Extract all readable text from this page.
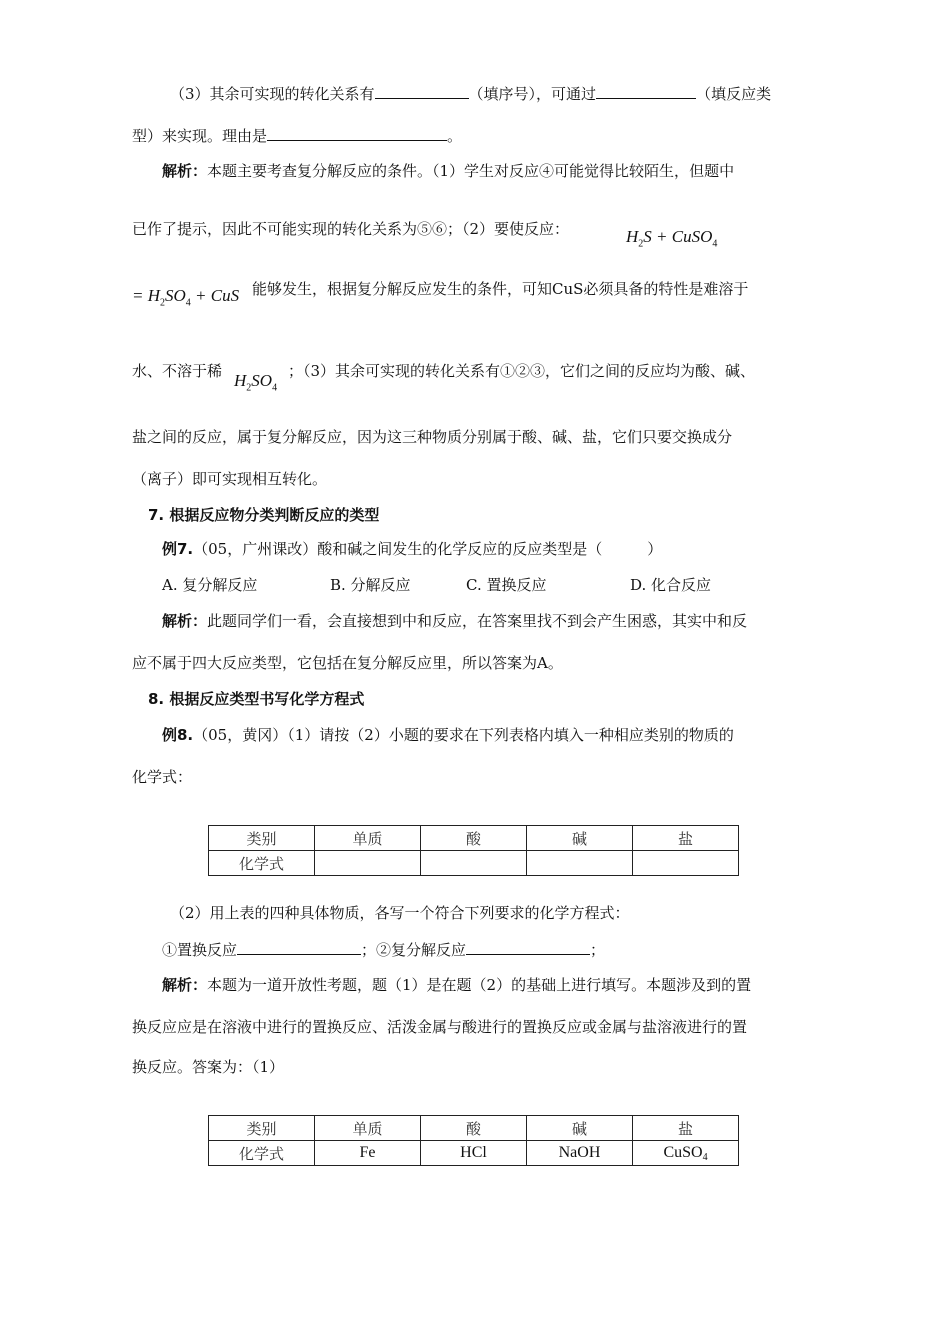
（3）其余可实现的转化关系有	（填序号），可通过	（填反应类
型）来实现。理由是	。
解析：本题主要考查复分解反应的条件。（1）学生对反应④可能觉得比较陌生，但题中
已作了提示，因此不可能实现的转化关系为⑤⑥；（2）要使反应：	$H_2S$ + CuSO$_4$
= $H_2SO_4$ + CuS 能够发生，根据复分解反应发生的条件，可知CuS必须具备的特性是难溶于
水、不溶于稀 $H_2SO_4$
；（3）其余可实现的转化关系有①②③，它们之间的反应均为酸、碱、
盐之间的反应，属于复分解反应，因为这三种物质分别属于酸、碱、盐，它们只要交换成分
（离子）即可实现相互转化。
7. 根据反应物分类判断反应的类型
例7.（05，广州课改）酸和碱之间发生的化学反应的反应类型是（　　　）
A. 复分解反应	B. 分解反应	C. 置换反应	D. 化合反应
解析：此题同学们一看，会直接想到中和反应，在答案里找不到会产生困惑，其实中和反
应不属于四大反应类型，它包括在复分解反应里，所以答案为A。
8. 根据反应类型书写化学方程式
例8.（05，黄冈）（1）请按（2）小题的要求在下列表格内填入一种相应类别的物质的
化学式：
类别	单质	酸	碱	盐
化学式				
（2）用上表的四种具体物质，各写一个符合下列要求的化学方程式：
①置换反应	；②复分解反应	；
解析：本题为一道开放性考题，题（1）是在题（2）的基础上进行填写。本题涉及到的置
换反应应是在溶液中进行的置换反应、活泼金属与酸进行的置换反应或金属与盐溶液进行的置
换反应。答案为：（1）
类别	单质	酸	碱	盐
化学式	Fe	HCl	NaOH	CuSO4
